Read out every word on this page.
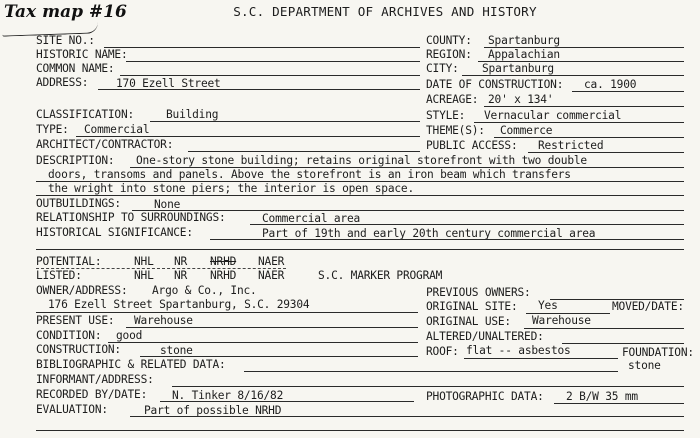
Tax map #16	S.C. DEPARTMENT OF ARCHIVES AND HISTORY
SITE NO.:	COUNTY: Spartanburg
HISTORIC NAME:	REGION: Appalachian
COMMON NAME:	CITY: Spartanburg
ADDRESS: 170 Ezell Street	DATE OF CONSTRUCTION: ca. 1900
ACREAGE: 20' x 134'
CLASSIFICATION:	Building	STYLE: Vernacular commercial
TYPE: Commercial	THEME(S): Commerce
ARCHITECT/CONTRACTOR:	PUBLIC ACCESS: Restricted
DESCRIPTION: One-story stone building; retains original storefront with two double
doors, transoms and panels. Above the storefront is an iron beam which transfers
the wright into stone piers; the interior is open space.
OUTBUILDINGS:	None
RELATIONSHIP TO SURROUNDINGS:	Commercial area
HISTORICAL SIGNIFICANCE:	Part of 19th and early 20th century commercial area
POTENTIAL:	NHL NR NRHD NAER
LISTED:	NHL NR NRHD NAER	S.C. MARKER PROGRAM
OWNER/ADDRESS: Argo & Co., Inc.	PREVIOUS OWNERS:
176 Ezell Street Spartanburg, S.C. 29304	ORIGINAL SITE: Yes	MOVED/DATE:
PRESENT USE: Warehouse	ORIGINAL USE: Warehouse
CONDITION: good	ALTERED/UNALTERED:
CONSTRUCTION:	stone	ROOF: flat -- asbestos	FOUNDATION:
stone
BIBLIOGRAPHIC & RELATED DATA:
INFORMANT/ADDRESS:
RECORDED BY/DATE: N. Tinker 8/16/82	PHOTOGRAPHIC DATA: 2 B/W 35 mm
EVALUATION:	Part of possible NRHD
